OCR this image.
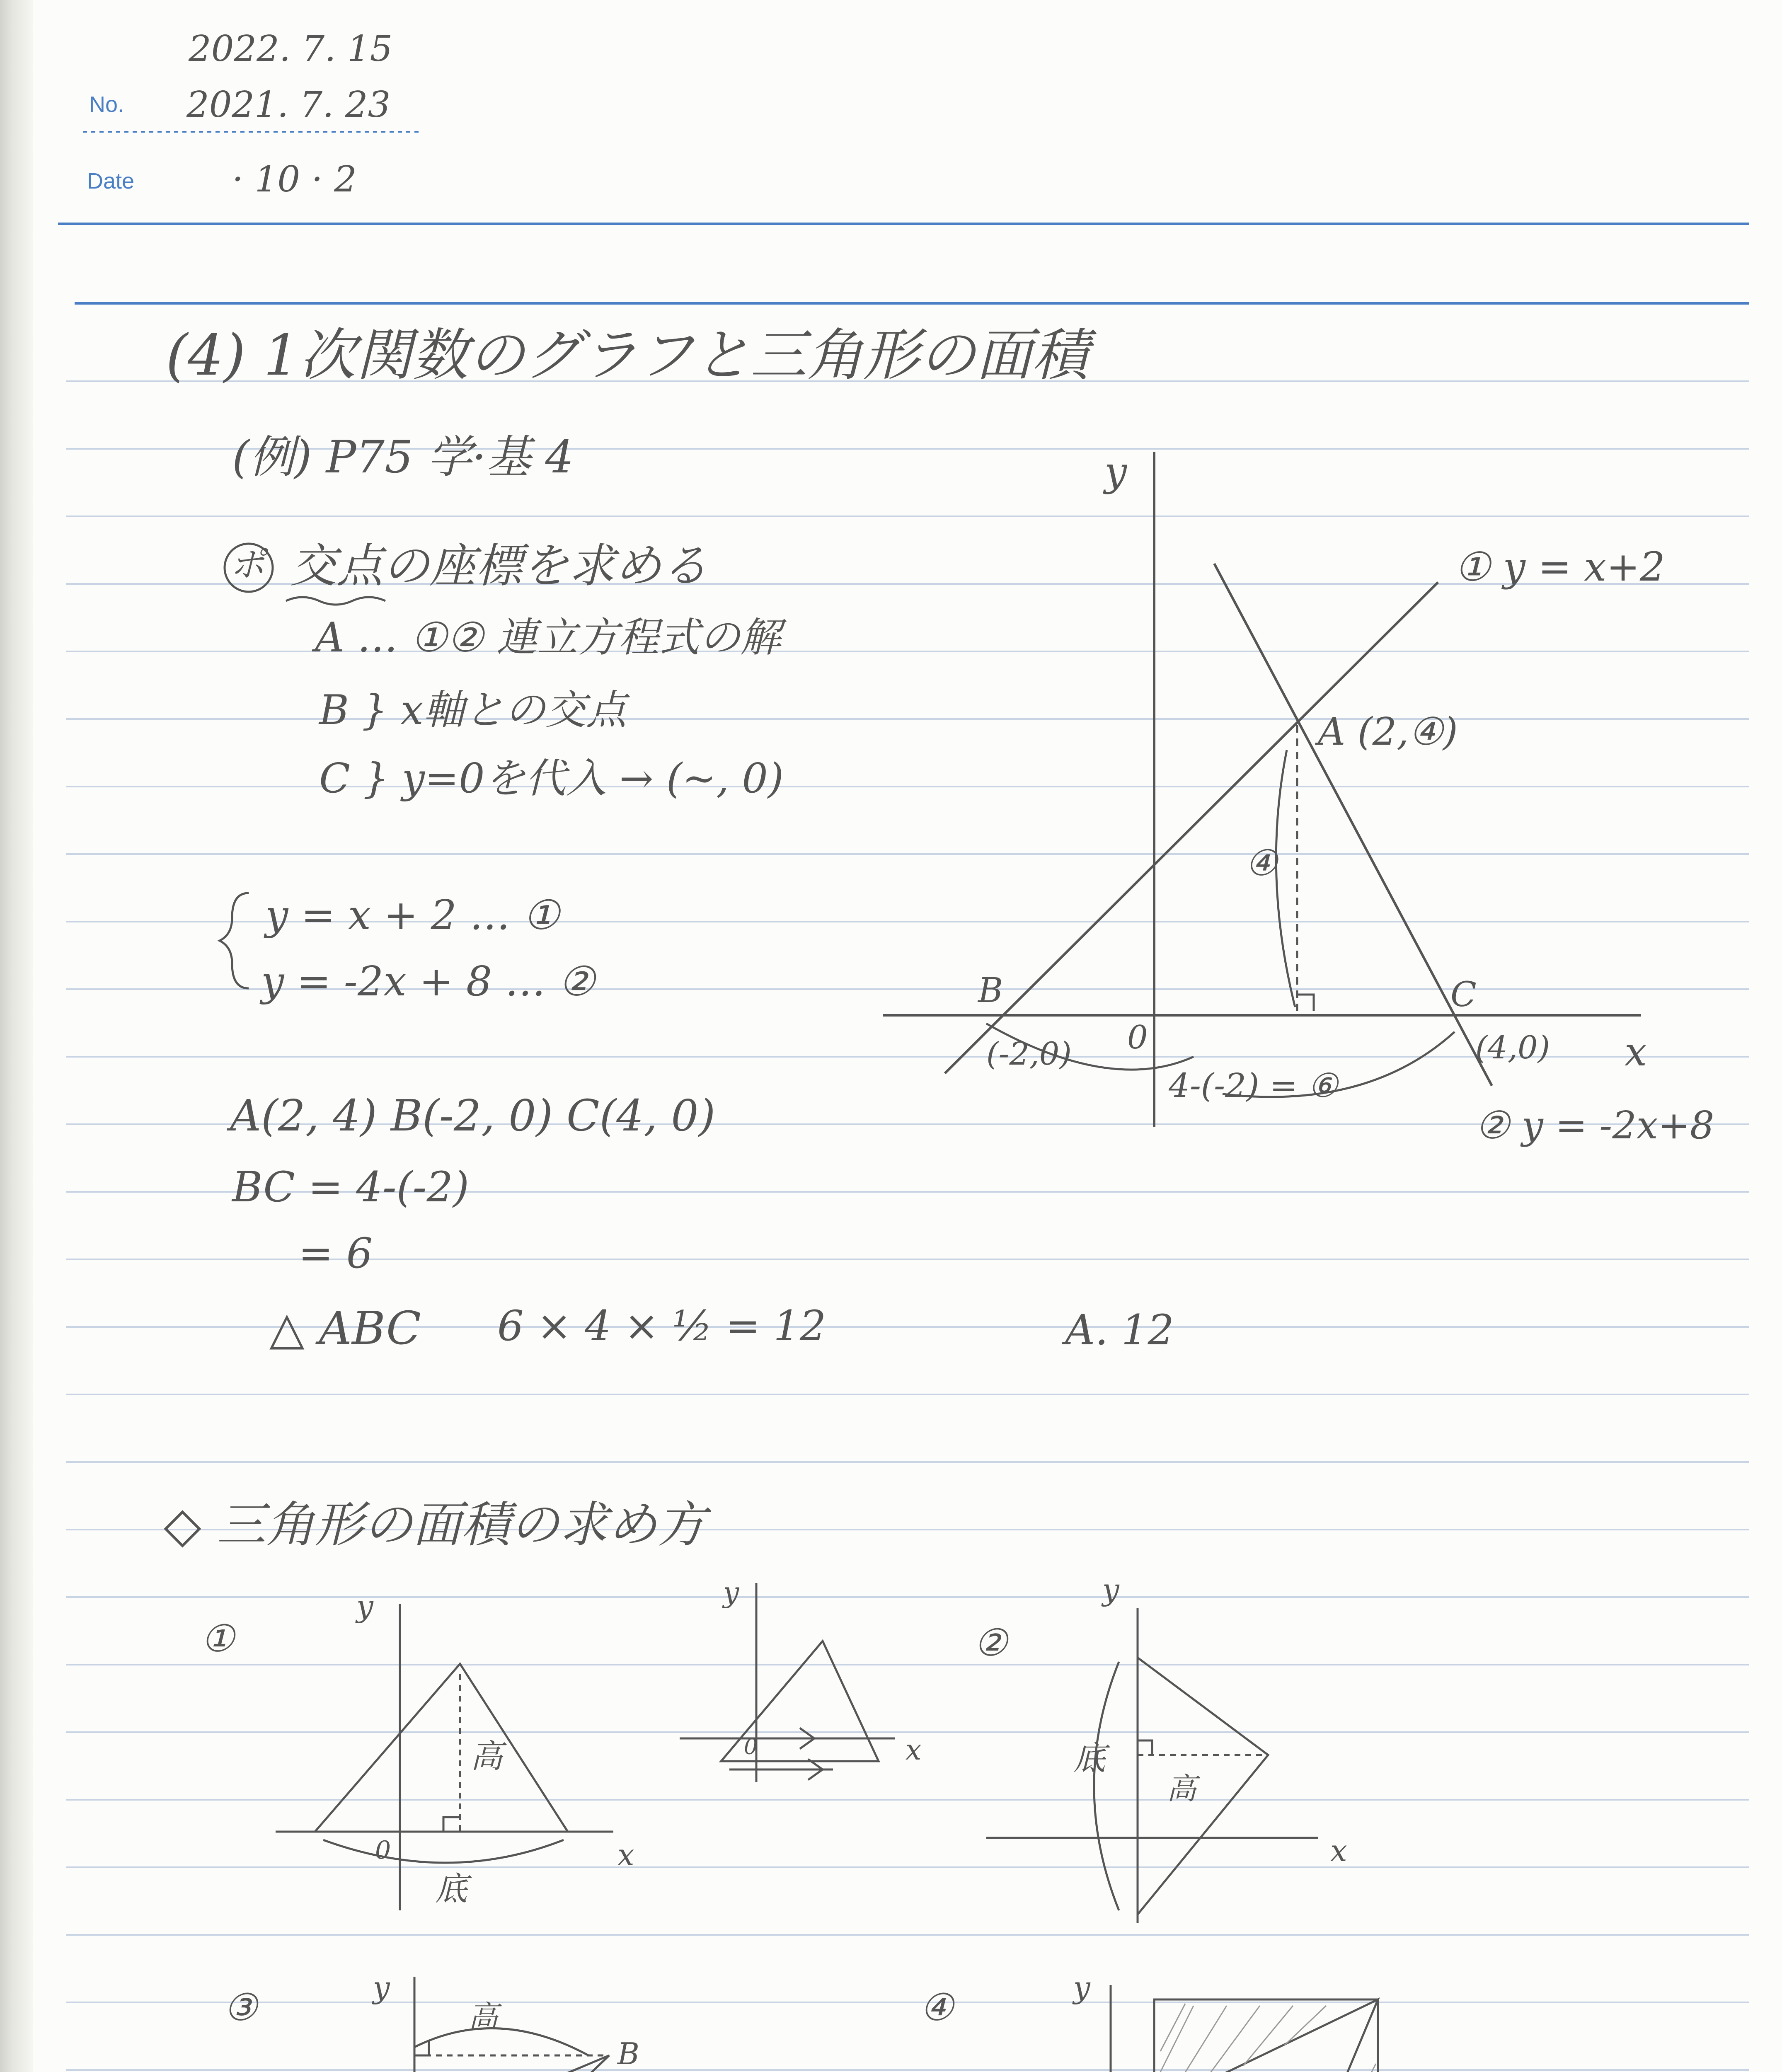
No.
Date
2022. 7. 15
2021. 7. 23
· 10 · 2
(4) 1次関数のグラフと三角形の面積
(例) P75 学·基 4
ポ 交点の座標を求める
A … ①② 連立方程式の解
B } x軸との交点
C } y=0を代入 → (~, 0)
y = x + 2 … ①
y = -2x + 8 … ②
A(2, 4) B(-2, 0) C(4, 0)
BC = 4-(-2)
= 6
△ ABC 6 × 4 × ½ = 12	A. 12
y
x
0
① y = x+2
② y = -2x+8
A (2,④)
B	C
(-2,0)	(4,0)
④
4-(-2) = ⑥
◇ 三角形の面積の求め方
①	②
③	④
y
x
0
高
底
y
x
0
y
x
底
高
y
B
高
y
